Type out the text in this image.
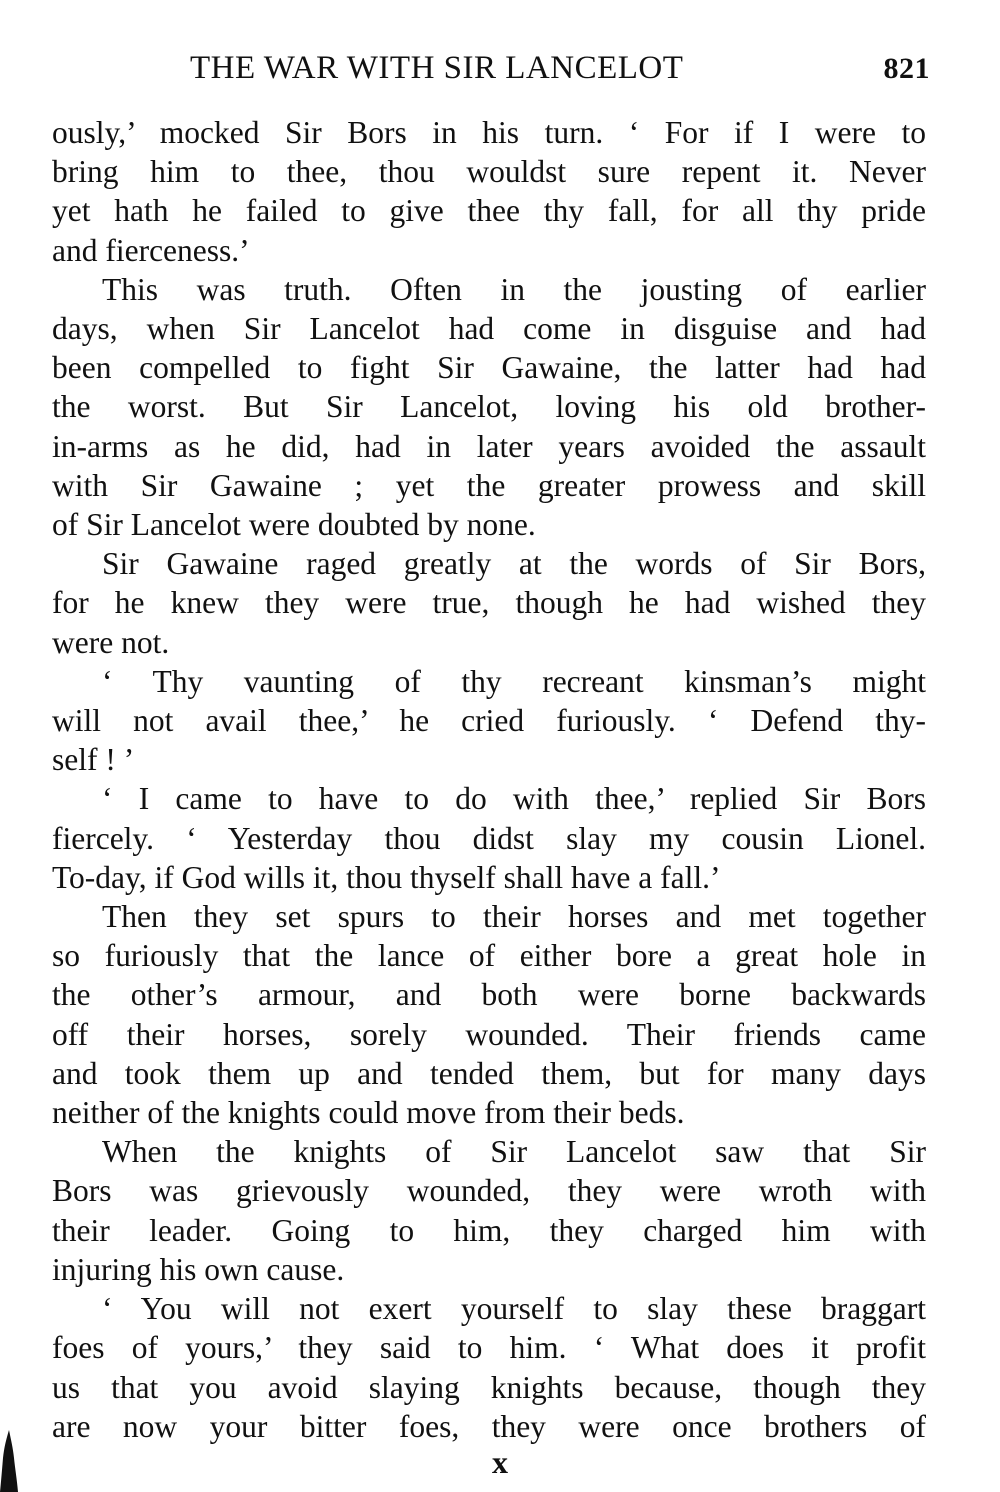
THE WAR WITH SIR LANCELOT	821
ously,’ mocked Sir Bors in his turn. ‘ For if I were to
bring him to thee, thou wouldst sure repent it. Never
yet hath he failed to give thee thy fall, for all thy pride
and fierceness.’
This was truth. Often in the jousting of earlier
days, when Sir Lancelot had come in disguise and had
been compelled to fight Sir Gawaine, the latter had had
the worst. But Sir Lancelot, loving his old brother-
in-arms as he did, had in later years avoided the assault
with Sir Gawaine ; yet the greater prowess and skill
of Sir Lancelot were doubted by none.
Sir Gawaine raged greatly at the words of Sir Bors,
for he knew they were true, though he had wished they
were not.
‘ Thy vaunting of thy recreant kinsman’s might
will not avail thee,’ he cried furiously. ‘ Defend thy-
self ! ’
‘ I came to have to do with thee,’ replied Sir Bors
fiercely. ‘ Yesterday thou didst slay my cousin Lionel.
To-day, if God wills it, thou thyself shall have a fall.’
Then they set spurs to their horses and met together
so furiously that the lance of either bore a great hole in
the other’s armour, and both were borne backwards
off their horses, sorely wounded. Their friends came
and took them up and tended them, but for many days
neither of the knights could move from their beds.
When the knights of Sir Lancelot saw that Sir
Bors was grievously wounded, they were wroth with
their leader. Going to him, they charged him with
injuring his own cause.
‘ You will not exert yourself to slay these braggart
foes of yours,’ they said to him. ‘ What does it profit
us that you avoid slaying knights because, though they
are now your bitter foes, they were once brothers of
x
